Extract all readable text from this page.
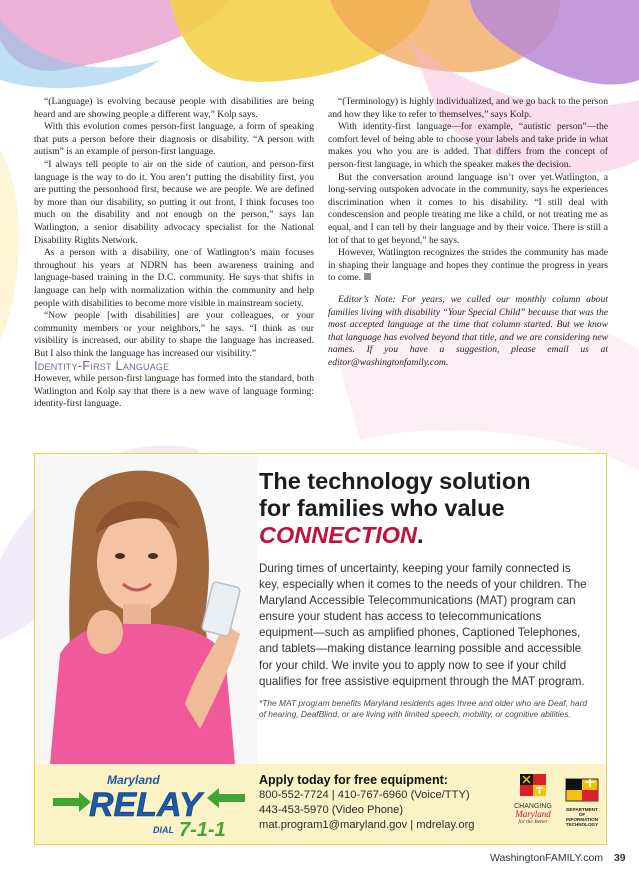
“(Language) is evolving because people with disabilities are being heard and are showing people a different way,” Kolp says.

With this evolution comes person-first language, a form of speaking that puts a person before their diagnosis or disability. “A person with autism” is an example of person-first language.

“I always tell people to air on the side of caution, and person-first language is the way to do it. You aren’t putting the disability first, you are putting the personhood first, because we are people. We are defined by more than our disability, so putting it out front, I think focuses too much on the disability and not enough on the person,” says Ian Watlington, a senior disability advocacy specialist for the National Disability Rights Network.

As a person with a disability, one of Watlington’s main focuses throughout his years at NDRN has been awareness training and language-based training in the D.C. community. He says that shifts in language can help with normalization within the community and help people with disabilities to become more visible in mainstream society.

“Now people [with disabilities] are your colleagues, or your community members or your neighbors,” he says. “I think as our visibility is increased, our ability to shape the language has increased. But I also think the language has increased our visibility.”

Identity-First Language

However, while person-first language has formed into the standard, both Watlington and Kolp say that there is a new wave of language forming: identity-first language.

“(Terminology) is highly individualized, and we go back to the person and how they like to refer to themselves,” says Kolp.

With identity-first language—for example, “autistic person”—the comfort level of being able to choose your labels and take pride in what makes you who you are is added. That differs from the concept of person-first language, in which the speaker makes the decision.

But the conversation around language isn’t over yet.Watlington, a long-serving outspoken advocate in the community, says he experiences discrimination when it comes to his disability. “I still deal with condescension and people treating me like a child, or not treating me as equal, and I can tell by their language and by their voice. There is still a lot of that to get beyond,” he says.

However, Watlington recognizes the strides the community has made in shaping their language and hopes they continue the progress in years to come.

Editor’s Note: For years, we called our monthly column about families living with disability “Your Special Child” because that was the most accepted language at the time that column started. But we know that language has evolved beyond that title, and we are considering new names. If you have a suggestion, please email us at editor@washingtonfamily.com.

The technology solution
for families who value
CONNECTION.
During times of uncertainty, keeping your family connected is key, especially when it comes to the needs of your children. The Maryland Accessible Telecommunications (MAT) program can ensure your student has access to telecommunications equipment—such as amplified phones, Captioned Telephones, and tablets—making distance learning possible and accessible for your child. We invite you to apply now to see if your child qualifies for free assistive equipment through the MAT program.
*The MAT program benefits Maryland residents ages three and older who are Deaf, hard of hearing, DeafBlind, or are living with limited speech, mobility, or cognitive abilities.
Maryland
RELAY
DIAL 7-1-1
Apply today for free equipment:
800-552-7724 | 410-767-6960 (Voice/TTY)
443-453-5970 (Video Phone)
mat.program1@maryland.gov | mdrelay.org
CHANGING
Maryland
for the Better
DEPARTMENT OF
INFORMATION
TECHNOLOGY
WashingtonFAMILY.com 39
